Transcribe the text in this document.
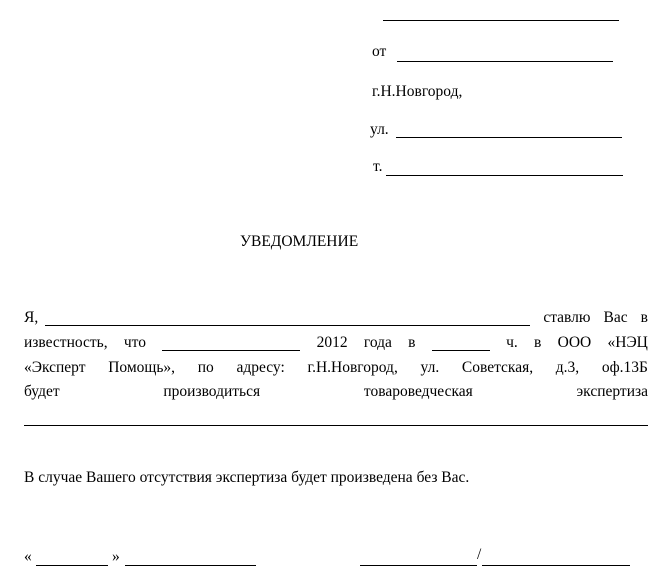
от
г.Н.Новгород,
ул.
т.
УВЕДОМЛЕНИЕ
Я,	ставлю Вас в
известность, что	2012 года в	ч. в ООО «НЭЦ
«Эксперт Помощь», по адресу: г.Н.Новгород, ул. Советская, д.3, оф.13Б
будет	производиться	товароведческая	экспертиза
В случае Вашего отсутствия экспертиза будет произведена без Вас.
«	»	/
